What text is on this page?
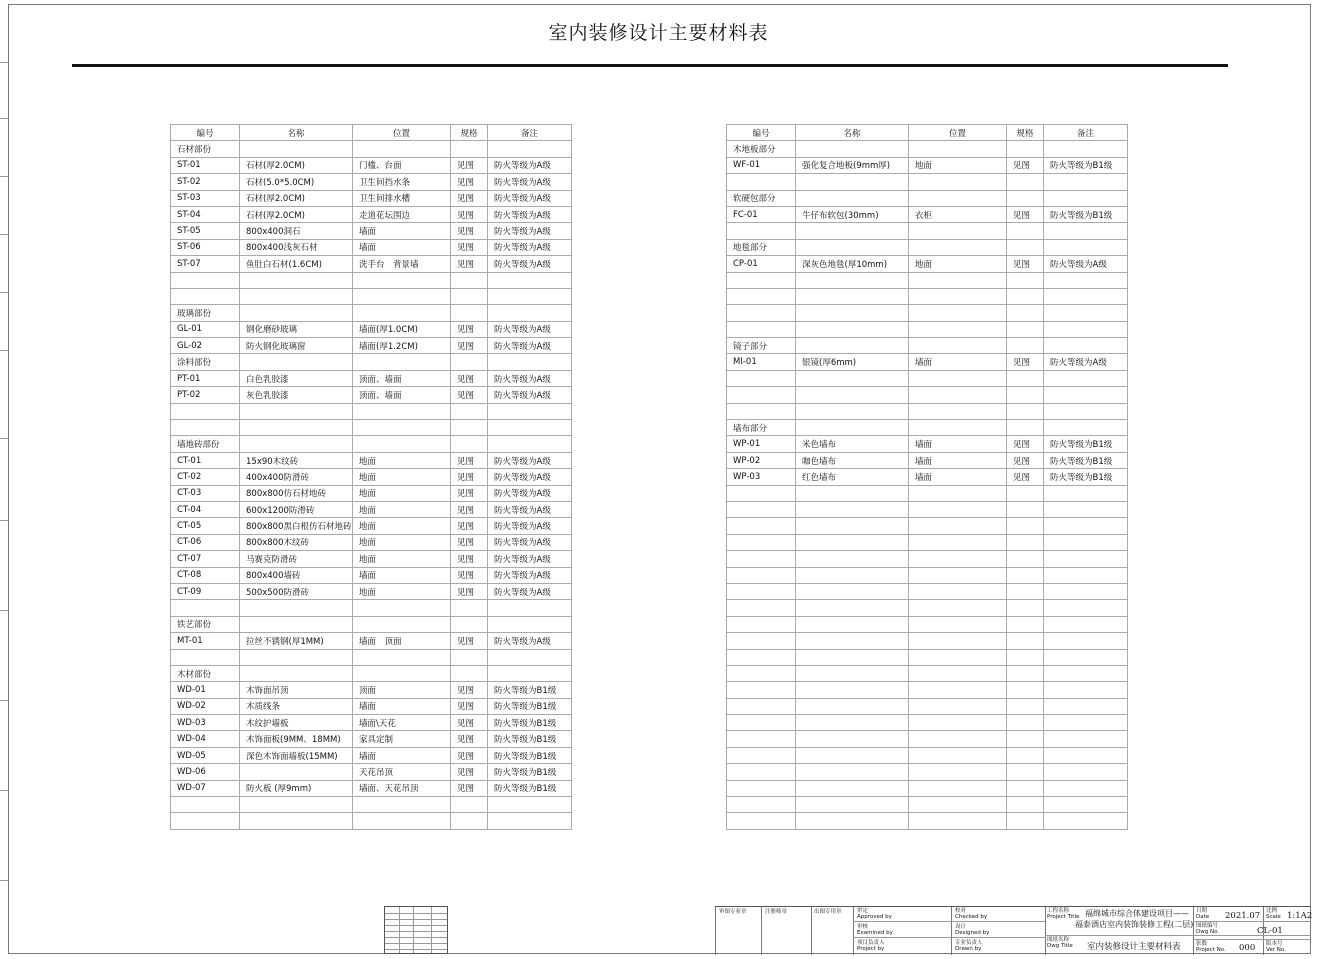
室内装修设计主要材料表
编号	名称	位置	规格	备注
石材部份				
ST-01	石材(厚2.0CM)	门槛、台面	见图	防火等级为A级
ST-02	石材(5.0*5.0CM)	卫生间挡水条	见图	防火等级为A级
ST-03	石材(厚2.0CM)	卫生间排水槽	见图	防火等级为A级
ST-04	石材(厚2.0CM)	走道花坛围边	见图	防火等级为A级
ST-05	800x400洞石	墙面	见图	防火等级为A级
ST-06	800x400浅灰石材	墙面	见图	防火等级为A级
ST-07	鱼肚白石材(1.6CM)	洗手台　背景墙	见图	防火等级为A级

玻璃部份				
GL-01	钢化磨砂玻璃	墙面(厚1.0CM)	见图	防火等级为A级
GL-02	防火钢化玻璃窗	墙面(厚1.2CM)	见图	防火等级为A级
涂料部份				
PT-01	白色乳胶漆	顶面、墙面	见图	防火等级为A级
PT-02	灰色乳胶漆	顶面、墙面	见图	防火等级为A级

墙地砖部份				
CT-01	15x90木纹砖	地面	见图	防火等级为A级
CT-02	400x400防滑砖	地面	见图	防火等级为A级
CT-03	800x800仿石材地砖	地面	见图	防火等级为A级
CT-04	600x1200防滑砖	地面	见图	防火等级为A级
CT-05	800x800黑白根仿石材地砖	地面	见图	防火等级为A级
CT-06	800x800木纹砖	地面	见图	防火等级为A级
CT-07	马赛克防滑砖	地面	见图	防火等级为A级
CT-08	800x400墙砖	墙面	见图	防火等级为A级
CT-09	500x500防滑砖	地面	见图	防火等级为A级

铁艺部份				
MT-01	拉丝不锈钢(厚1MM)	墙面　顶面	见图	防火等级为A级

木材部份				
WD-01	木饰面吊顶	顶面	见图	防火等级为B1级
WD-02	木质线条	墙面	见图	防火等级为B1级
WD-03	木纹护墙板	墙面\天花	见图	防火等级为B1级
WD-04	木饰面板(9MM、18MM)	家具定制	见图	防火等级为B1级
WD-05	深色木饰面墙板(15MM)	墙面	见图	防火等级为B1级
WD-06		天花吊顶	见图	防火等级为B1级
WD-07	防火板 (厚9mm)	墙面、天花吊顶	见图	防火等级为B1级

编号	名称	位置	规格	备注
木地板部分				
WF-01	强化复合地板(9mm厚)	地面	见图	防火等级为B1级

软硬包部分				
FC-01	牛仔布软包(30mm)	衣柜	见图	防火等级为B1级

地毯部分				
CP-01	深灰色地毯(厚10mm)	地面	见图	防火等级为A级

镜子部分				
MI-01	银镜(厚6mm)	墙面	见图	防火等级为A级

墙布部分				
WP-01	米色墙布	墙面	见图	防火等级为B1级
WP-02	咖色墙布	墙面	见图	防火等级为B1级
WP-03	红色墙布	墙面	见图	防火等级为B1级

审图专业章	注册师章	出图专用章	审定
Approved by
审核
Examined by
项目负责人
Project by
校对
Checked by
设计
Designed by
专业负责人
Drawn by
工程名称
Project Title 福绵城市综合体建设项目——
福泰酒店室内装饰装修工程(二层)
图纸名称
Dwg Title 室内装修设计主要材料表
日期
Date 2021.07
图纸编号
Dwg No.	CL-01
张数
Project No. 000
比例
Scale 1:1A2
版本号
Ver No.
